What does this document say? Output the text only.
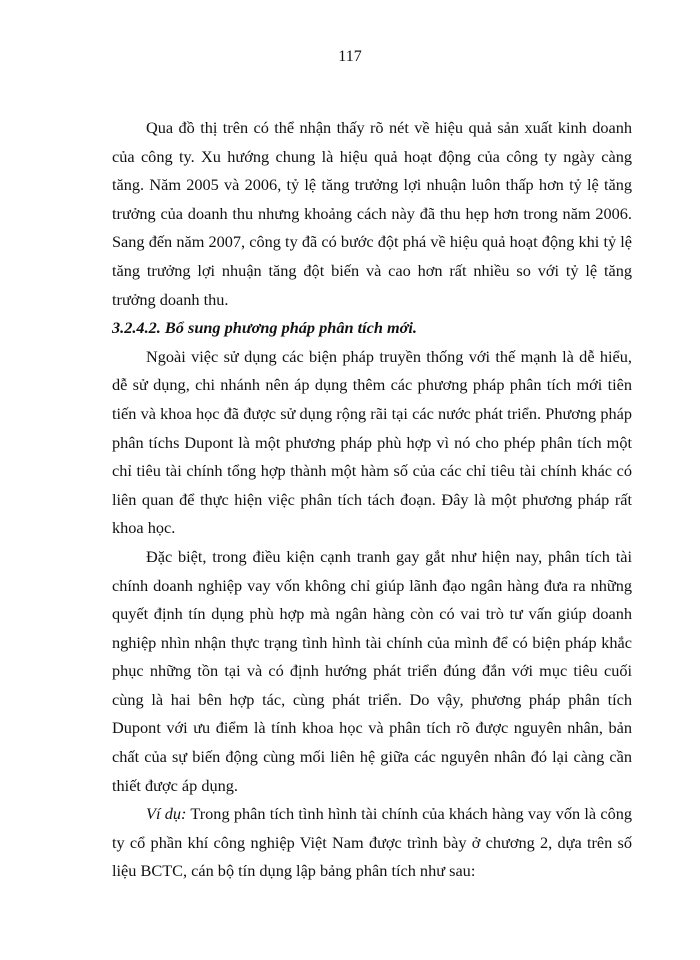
117

Qua đồ thị trên có thể nhận thấy rõ nét về hiệu quả sản xuất kinh doanh của công ty. Xu hướng chung là hiệu quả hoạt động của công ty ngày càng tăng. Năm 2005 và 2006, tỷ lệ tăng trưởng lợi nhuận luôn thấp hơn tỷ lệ tăng trưởng của doanh thu nhưng khoảng cách này đã thu hẹp hơn trong năm 2006. Sang đến năm 2007, công ty đã có bước đột phá về hiệu quả hoạt động khi tỷ lệ tăng trưởng lợi nhuận tăng đột biến và cao hơn rất nhiều so với tỷ lệ tăng trưởng doanh thu.

3.2.4.2. Bổ sung phương pháp phân tích mới.

Ngoài việc sử dụng các biện pháp truyền thống với thế mạnh là dễ hiểu, dễ sử dụng, chi nhánh nên áp dụng thêm các phương pháp phân tích mới tiên tiến và khoa học đã được sử dụng rộng rãi tại các nước phát triển. Phương pháp phân tíchs Dupont là một phương pháp phù hợp vì nó cho phép phân tích một chỉ tiêu tài chính tổng hợp thành một hàm số của các chỉ tiêu tài chính khác có liên quan để thực hiện việc phân tích tách đoạn. Đây là một phương pháp rất khoa học.

Đặc biệt, trong điều kiện cạnh tranh gay gắt như hiện nay, phân tích tài chính doanh nghiệp vay vốn không chỉ giúp lãnh đạo ngân hàng đưa ra những quyết định tín dụng phù hợp mà ngân hàng còn có vai trò tư vấn giúp doanh nghiệp nhìn nhận thực trạng tình hình tài chính của mình để có biện pháp khắc phục những tồn tại và có định hướng phát triển đúng đắn với mục tiêu cuối cùng là hai bên hợp tác, cùng phát triển. Do vậy, phương pháp phân tích Dupont với ưu điểm là tính khoa học và phân tích rõ được nguyên nhân, bản chất của sự biến động cùng mối liên hệ giữa các nguyên nhân đó lại càng cần thiết được áp dụng.

Ví dụ: Trong phân tích tình hình tài chính của khách hàng vay vốn là công ty cổ phần khí công nghiệp Việt Nam được trình bày ở chương 2, dựa trên số liệu BCTC, cán bộ tín dụng lập bảng phân tích như sau:
